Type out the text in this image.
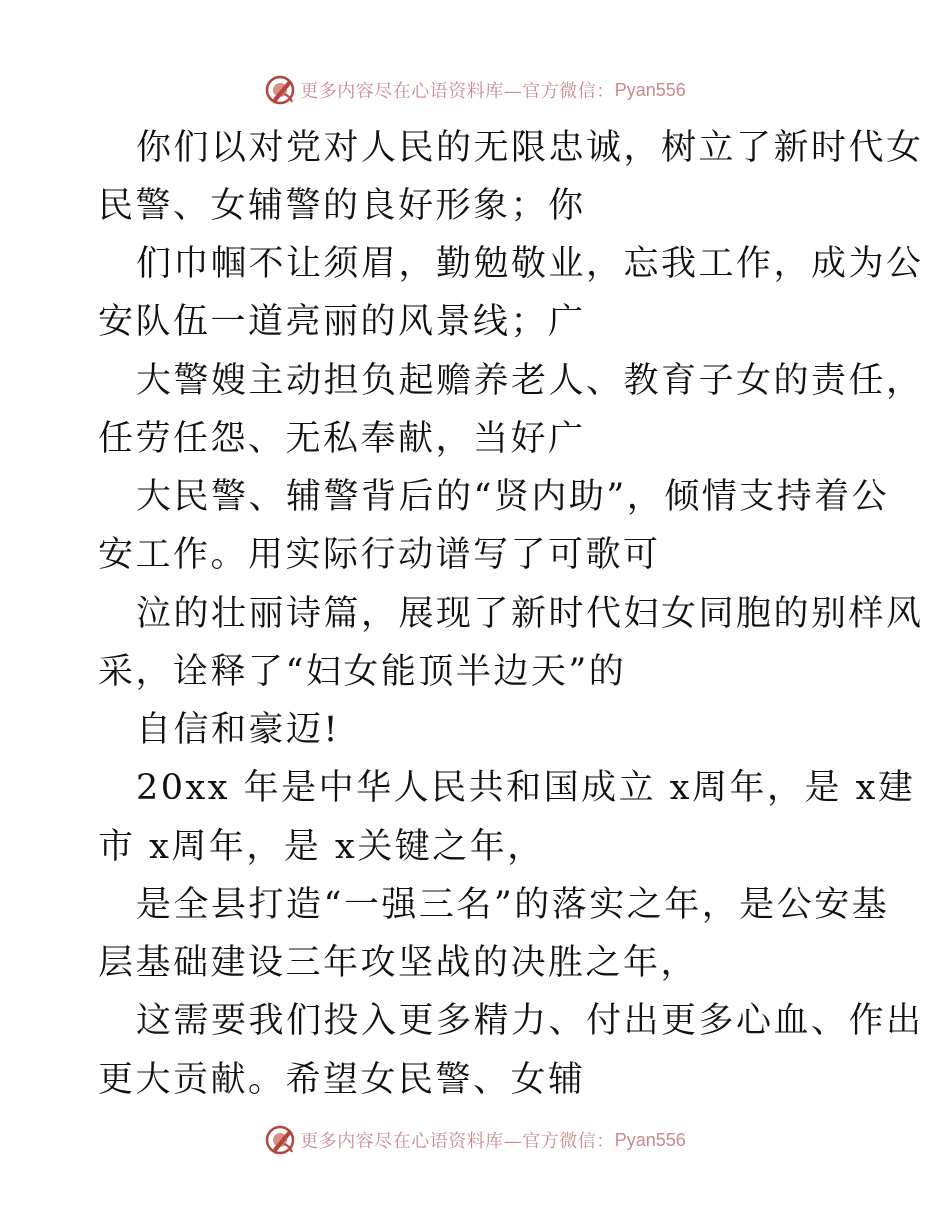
更多内容尽在心语资料库—官方微信： Pyan556
你们以对党对人民的无限忠诚，树立了新时代女
民警、女辅警的良好形象；你
们巾帼不让须眉，勤勉敬业，忘我工作，成为公
安队伍一道亮丽的风景线；广
大警嫂主动担负起赡养老人、教育子女的责任，
任劳任怨、无私奉献，当好广
大民警、辅警背后的“贤内助”，倾情支持着公
安工作。用实际行动谱写了可歌可
泣的壮丽诗篇，展现了新时代妇女同胞的别样风
采，诠释了“妇女能顶半边天”的
自信和豪迈!
20xx 年是中华人民共和国成立 x周年，是 x建
市 x周年，是 x关键之年，
是全县打造“一强三名”的落实之年，是公安基
层基础建设三年攻坚战的决胜之年，
这需要我们投入更多精力、付出更多心血、作出
更大贡献。希望女民警、女辅
更多内容尽在心语资料库—官方微信： Pyan556
